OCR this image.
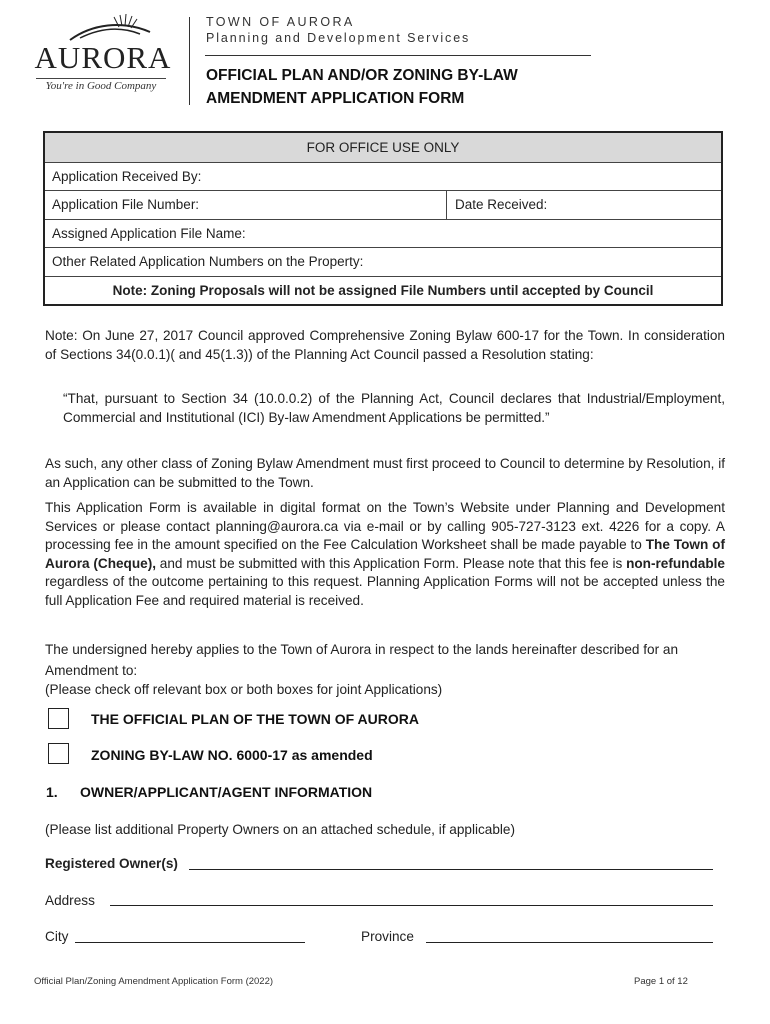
AURORA
You're in Good Company
TOWN OF AURORA
Planning and Development Services
OFFICIAL PLAN AND/OR ZONING BY-LAW
AMENDMENT APPLICATION FORM
FOR OFFICE USE ONLY
Application Received By:
Application File Number:	Date Received:
Assigned Application File Name:
Other Related Application Numbers on the Property:
Note: Zoning Proposals will not be assigned File Numbers until accepted by Council
Note: On June 27, 2017 Council approved Comprehensive Zoning Bylaw 600-17 for the Town. In consideration of Sections 34(0.0.1)( and 45(1.3)) of the Planning Act Council passed a Resolution stating:
“That, pursuant to Section 34 (10.0.0.2) of the Planning Act, Council declares that Industrial/Employment, Commercial and Institutional (ICI) By-law Amendment Applications be permitted.”
As such, any other class of Zoning Bylaw Amendment must first proceed to Council to determine by Resolution, if an Application can be submitted to the Town.
This Application Form is available in digital format on the Town’s Website under Planning and Development Services or please contact planning@aurora.ca via e-mail or by calling 905-727-3123 ext. 4226 for a copy. A processing fee in the amount specified on the Fee Calculation Worksheet shall be made payable to The Town of Aurora (Cheque), and must be submitted with this Application Form. Please note that this fee is non-refundable regardless of the outcome pertaining to this request. Planning Application Forms will not be accepted unless the full Application Fee and required material is received.
The undersigned hereby applies to the Town of Aurora in respect to the lands hereinafter described for an Amendment to:
(Please check off relevant box or both boxes for joint Applications)
THE OFFICIAL PLAN OF THE TOWN OF AURORA
ZONING BY-LAW NO. 6000-17 as amended
1. OWNER/APPLICANT/AGENT INFORMATION
(Please list additional Property Owners on an attached schedule, if applicable)
Registered Owner(s)
Address
City	Province
Official Plan/Zoning Amendment Application Form (2022)	Page 1 of 12
